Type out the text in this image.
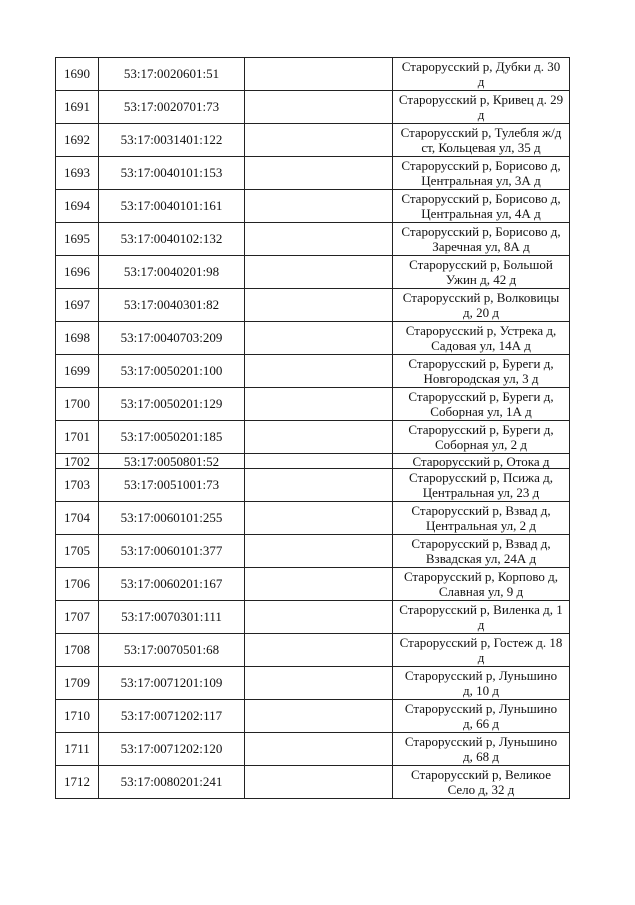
1690	53:17:0020601:51		Старорусский р, Дубки д. 30
д

1691	53:17:0020701:73		Старорусский р, Кривец д. 29
д

1692	53:17:0031401:122		Старорусский р, Тулебля ж/д
ст, Кольцевая ул, 35 д

1693	53:17:0040101:153		Старорусский р, Борисово д,
Центральная ул, 3А д

1694	53:17:0040101:161		Старорусский р, Борисово д,
Центральная ул, 4А д

1695	53:17:0040102:132		Старорусский р, Борисово д,
Заречная ул, 8А д

1696	53:17:0040201:98		Старорусский р, Большой
Ужин д, 42 д

1697	53:17:0040301:82		Старорусский р, Волковицы
д, 20 д

1698	53:17:0040703:209		Старорусский р, Устрека д,
Садовая ул, 14А д

1699	53:17:0050201:100		Старорусский р, Буреги д,
Новгородская ул, 3 д

1700	53:17:0050201:129		Старорусский р, Буреги д,
Соборная ул, 1А д

1701	53:17:0050201:185		Старорусский р, Буреги д,
Соборная ул, 2 д

1702	53:17:0050801:52		Старорусский р, Отока д

1703	53:17:0051001:73		Старорусский р, Псижа д,
Центральная ул, 23 д

1704	53:17:0060101:255		Старорусский р, Взвад д,
Центральная ул, 2 д

1705	53:17:0060101:377		Старорусский р, Взвад д,
Взвадская ул, 24А д

1706	53:17:0060201:167		Старорусский р, Корпово д,
Славная ул, 9 д

1707	53:17:0070301:111		Старорусский р, Виленка д, 1
д

1708	53:17:0070501:68		Старорусский р, Гостеж д. 18
д

1709	53:17:0071201:109		Старорусский р, Луньшино
д, 10 д

1710	53:17:0071202:117		Старорусский р, Луньшино
д, 66 д

1711	53:17:0071202:120		Старорусский р, Луньшино
д, 68 д

1712	53:17:0080201:241		Старорусский р, Великое
Село д, 32 д
